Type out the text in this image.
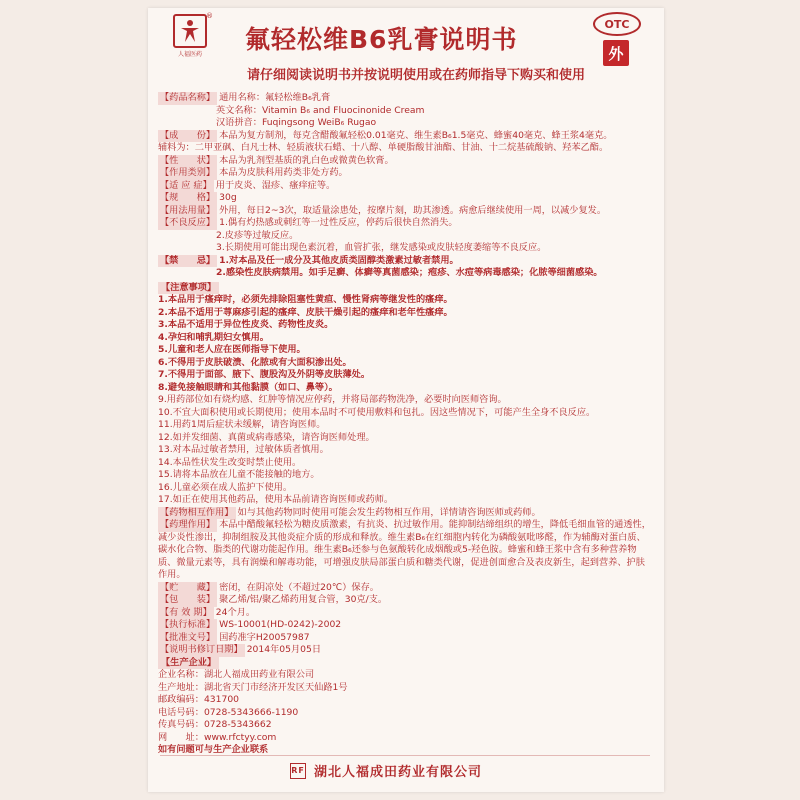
人福医药
®
氟轻松维B6乳膏说明书
OTC
外
请仔细阅读说明书并按说明使用或在药师指导下购买和使用
【药品名称】 通用名称：氟轻松维B₆乳膏
英文名称：Vitamin B₆ and Fluocinonide Cream
汉语拼音：Fuqingsong WeiB₆ Rugao
【成　　份】 本品为复方制剂，每克含醋酸氟轻松0.01毫克、维生素B₆1.5毫克、蜂蜜40毫克、蜂王浆4毫克。
辅料为：二甲亚砜、白凡士林、轻质液状石蜡、十八醇、单硬脂酸甘油酯、甘油、十二烷基硫酸钠、羟苯乙酯。
【性　　状】 本品为乳剂型基质的乳白色或微黄色软膏。
【作用类别】 本品为皮肤科用药类非处方药。
【适 应 症】 用于皮炎、湿疹、瘙痒症等。
【规　　格】 30g
【用法用量】 外用，每日2~3次，取适量涂患处，按摩片刻，助其渗透。病愈后继续使用一周，以减少复发。
【不良反应】 1.偶有灼热感或刺红等一过性反应，停药后很快自然消失。
2.皮疹等过敏反应。
3.长期使用可能出现色素沉着，血管扩张，继发感染或皮肤轻度萎缩等不良反应。
【禁　　忌】 1.对本品及任一成分及其他皮质类固醇类激素过敏者禁用。
2.感染性皮肤病禁用。如手足癣、体癣等真菌感染；疱疹、水痘等病毒感染；化脓等细菌感染。
【注意事项】
1.本品用于瘙痒时，必须先排除阻塞性黄疸、慢性肾病等继发性的瘙痒。
2.本品不适用于荨麻疹引起的瘙痒、皮肤干燥引起的瘙痒和老年性瘙痒。
3.本品不适用于异位性皮炎、药物性皮炎。
4.孕妇和哺乳期妇女慎用。
5.儿童和老人应在医师指导下使用。
6.不得用于皮肤破溃、化脓或有大面积渗出处。
7.不得用于面部、腋下、腹股沟及外阴等皮肤薄处。
8.避免接触眼睛和其他黏膜（如口、鼻等）。
9.用药部位如有烧灼感、红肿等情况应停药，并将局部药物洗净，必要时向医师咨询。
10.不宜大面积使用或长期使用；使用本品时不可使用敷料和包扎。因这些情况下，可能产生全身不良反应。
11.用药1周后症状未缓解，请咨询医师。
12.如并发细菌、真菌或病毒感染，请咨询医师处理。
13.对本品过敏者禁用，过敏体质者慎用。
14.本品性状发生改变时禁止使用。
15.请将本品放在儿童不能接触的地方。
16.儿童必须在成人监护下使用。
17.如正在使用其他药品，使用本品前请咨询医师或药师。
【药物相互作用】 如与其他药物同时使用可能会发生药物相互作用，详情请咨询医师或药师。
【药理作用】 本品中醋酸氟轻松为糖皮质激素，有抗炎、抗过敏作用。能抑制结缔组织的增生，降低毛细血管的通透性，减少炎性渗出，抑制组胺及其他炎症介质的形成和释放。维生素B₆在红细胞内转化为磷酸氨吡哆醛，作为辅酶对蛋白质、碳水化合物、脂类的代谢功能起作用。维生素B₆还参与色氨酸转化成烟酸或5-羟色胺。蜂蜜和蜂王浆中含有多种营养物质、微量元素等，具有润燥和解毒功能，可增强皮肤局部蛋白质和糖类代谢，促进创面愈合及表皮新生，起到营养、护肤作用。
【贮　　藏】 密闭，在阴凉处（不超过20℃）保存。
【包　　装】 聚乙烯/铝/聚乙烯药用复合管，30克/支。
【有 效 期】 24个月。
【执行标准】 WS-10001(HD-0242)-2002
【批准文号】 国药准字H20057987
【说明书修订日期】 2014年05月05日
【生产企业】
企业名称：湖北人福成田药业有限公司
生产地址：湖北省天门市经济开发区天仙路1号
邮政编码：431700
电话号码：0728-5343666-1190
传真号码：0728-5343662
网　　址：www.rfctyy.com
如有问题可与生产企业联系
RF 湖北人福成田药业有限公司
